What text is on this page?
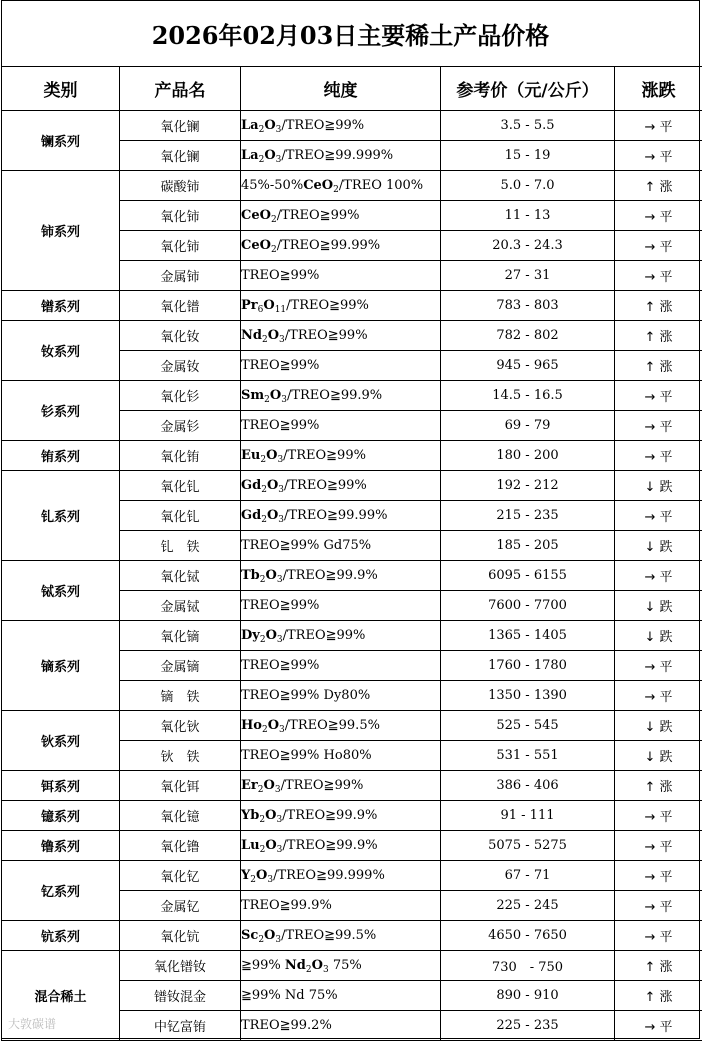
2026年02月03日主要稀土产品价格
类别	产品名	纯度	参考价（元/公斤）	涨跌
镧系列	氧化镧	$La_2O_3/TREO≧99\%$	3.5 - 5.5	→ 平
	氧化镧	$La_2O_3/TREO≧99.999\%$	15 - 19	→ 平
铈系列	碳酸铈	45%-50%CeO$_2$/TREO 100%	5.0 - 7.0	↑ 涨
	氧化铈	CeO$_2$/TREO≧99%	11 - 13	→ 平
	氧化铈	CeO$_2$/TREO≧99.99%	20.3 - 24.3	→ 平
	金属铈	TREO≧99%	27 - 31	→ 平
镨系列	氧化镨	$Pr_6O_{11}/TREO≧99\%$	783 - 803	↑ 涨
钕系列	氧化钕	$Nd_2O_3/TREO≧99\%$	782 - 802	↑ 涨
	金属钕	TREO≧99%	945 - 965	↑ 涨
钐系列	氧化钐	$Sm_2O_3/TREO≧99.9\%$	14.5 - 16.5	→ 平
	金属钐	TREO≧99%	69 - 79	→ 平
铕系列	氧化铕	$Eu_2O_3/TREO≧99\%$	180 - 200	→ 平
钆系列	氧化钆	$Gd_2O_3/TREO≧99\%$	192 - 212	↓ 跌
	氧化钆	$Gd_2O_3/TREO≧99.99\%$	215 - 235	→ 平
	钆　铁	TREO≧99% Gd75%	185 - 205	↓ 跌
铽系列	氧化铽	$Tb_2O_3/TREO≧99.9\%$	6095 - 6155	→ 平
	金属铽	TREO≧99%	7600 - 7700	↓ 跌
镝系列	氧化镝	$Dy_2O_3/TREO≧99\%$	1365 - 1405	↓ 跌
	金属镝	TREO≧99%	1760 - 1780	→ 平
	镝　铁	TREO≧99% Dy80%	1350 - 1390	→ 平
钬系列	氧化钬	$Ho_2O_3/TREO≧99.5\%$	525 - 545	↓ 跌
	钬　铁	TREO≧99% Ho80%	531 - 551	↓ 跌
铒系列	氧化铒	$Er_2O_3/TREO≧99\%$	386 - 406	↑ 涨
镱系列	氧化镱	$Yb_2O_3/TREO≧99.9\%$	91 - 111	→ 平
镥系列	氧化镥	$Lu_2O_3/TREO≧99.9\%$	5075 - 5275	→ 平
钇系列	氧化钇	$Y_2O_3/TREO≧99.999\%$	67 - 71	→ 平
	金属钇	TREO≧99.9%	225 - 245	→ 平
钪系列	氧化钪	$Sc_2O_3/TREO≧99.5\%$	4650 - 7650	→ 平
混合稀土	氧化镨钕	≧99% $Nd_2O_3$ 75%	730　- 750	↑ 涨
	镨钕混金	≧99% Nd 75%	890 - 910	↑ 涨
	中钇富铕	TREO≧99.2%	225 - 235	→ 平
大敦碳谱
